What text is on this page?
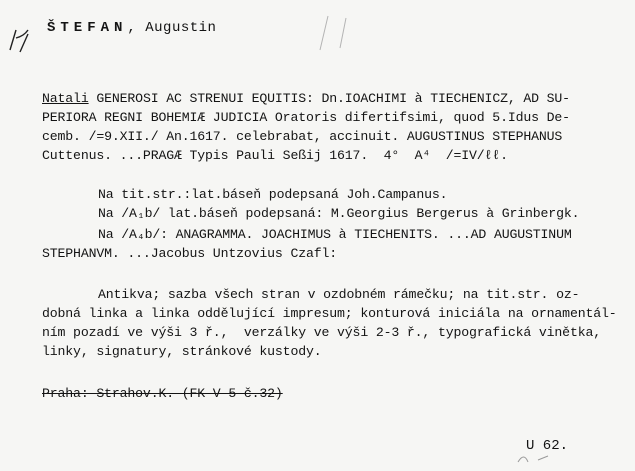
ŠTEFAN, Augustin
Natali GENEROSI AC STRENUI EQUITIS: Dn.IOACHIMI à TIECHENICZ, AD SU-
PERIORA REGNI BOHEMIÆ JUDICIA Oratoris difertifsimi, quod 5.Idus De-
cemb. /=9.XII./ An.1617. celebrabat, accinuit. AUGUSTINUS STEPHANUS
Cuttenus. ...PRAGÆ Typis Pauli Seßij 1617.  4°  A⁴  /=IV/ℓℓ.
Na tit.str.:lat.báseň podepsaná Joh.Campanus.
Na /A₁b/ lat.báseň podepsaná: M.Georgius Bergerus à Grinbergk.
Na /A₄b/: ANAGRAMMA. JOACHIMUS à TIECHENITS. ...AD AUGUSTINUM
STEPHANVM. ...Jacobus Untzovius Czafl:
Antikva; sazba všech stran v ozdobném rámečku; na tit.str. oz-
dobná linka a linka oddělující impresum; konturová iniciála na ornamentál-
ním pozadí ve výši 3 ř.,  verzálky ve výši 2-3 ř., typografická vinětka,
linky, signatury, stránkové kustody.
Praha: Strahov.K. (FK V 5 č.32)
U 62.
